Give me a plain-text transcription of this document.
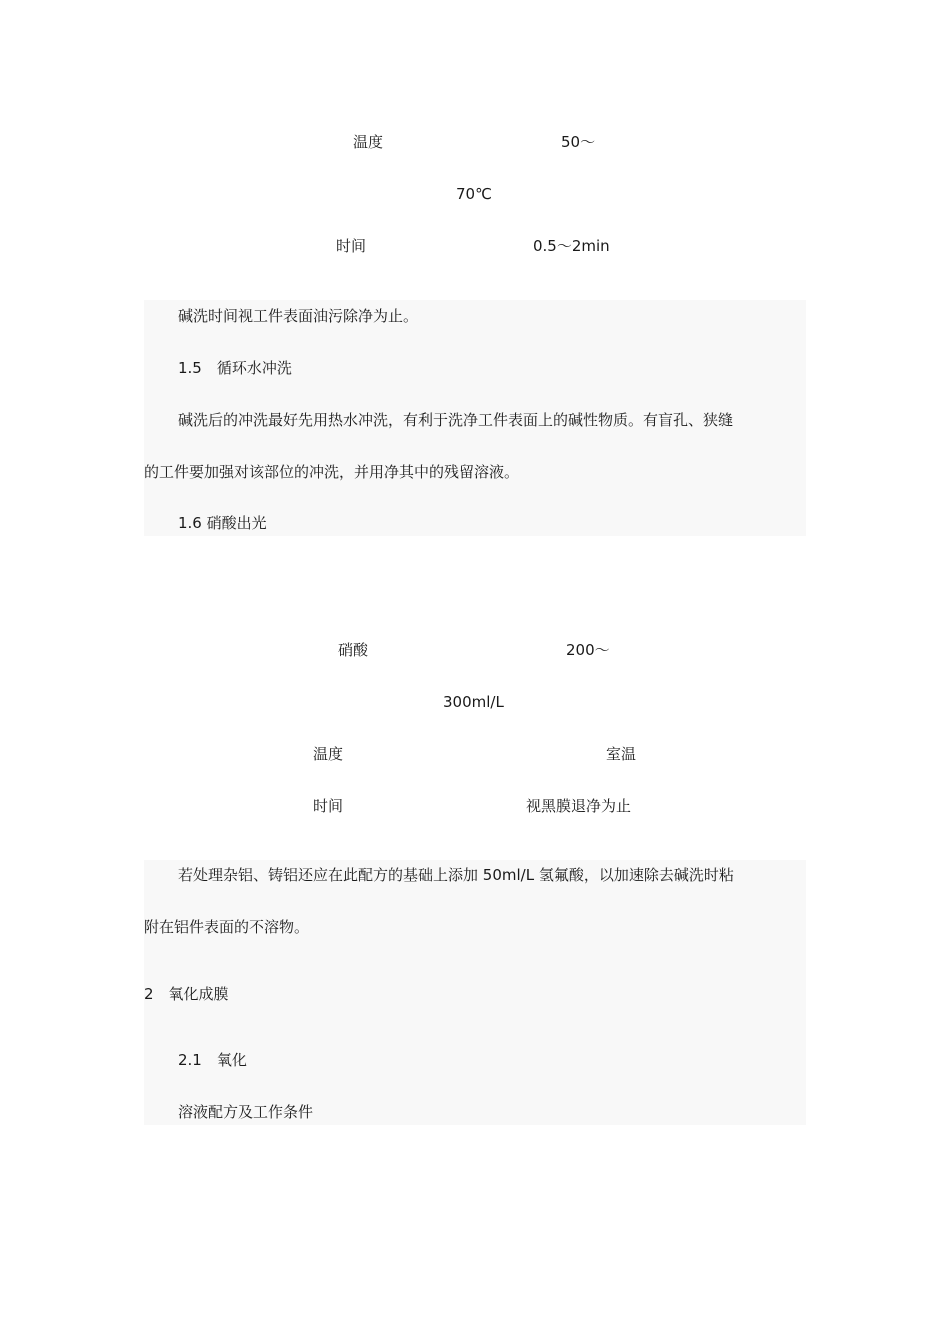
温度	50～
70℃
时间	0.5～2min
碱洗时间视工件表面油污除净为止。
1.5　循环水冲洗
碱洗后的冲洗最好先用热水冲洗，有利于洗净工件表面上的碱性物质。有盲孔、狭缝
的工件要加强对该部位的冲洗，并用净其中的残留溶液。
1.6 硝酸出光
硝酸	200～
300ml/L
温度	室温
时间	视黑膜退净为止
若处理杂铝、铸铝还应在此配方的基础上添加 50ml/L 氢氟酸，以加速除去碱洗时粘
附在铝件表面的不溶物。
2　氧化成膜
2.1　氧化
溶液配方及工作条件
